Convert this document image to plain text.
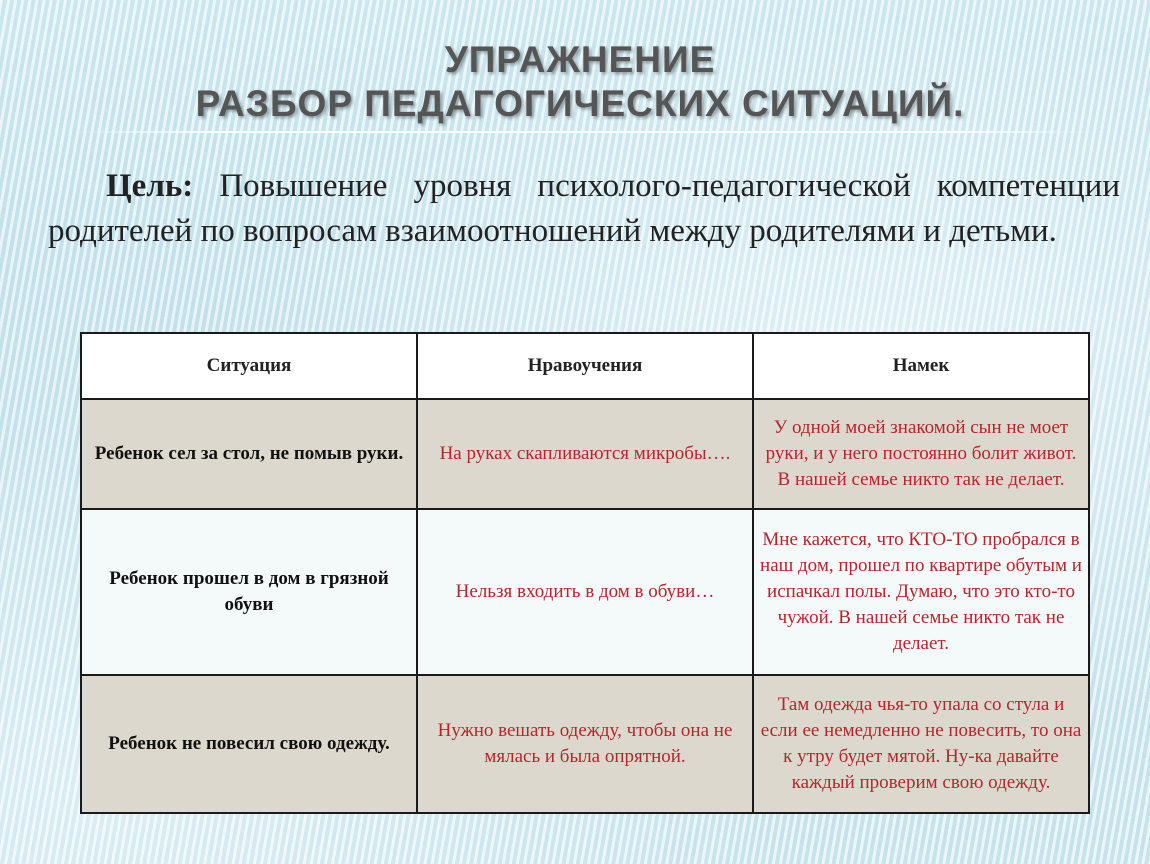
УПРАЖНЕНИЕ
РАЗБОР ПЕДАГОГИЧЕСКИХ СИТУАЦИЙ.
Цель: Повышение уровня психолого-педагогической компетенции родителей по вопросам взаимоотношений между родителями и детьми.
Ситуация	Нравоучения	Намек
Ребенок сел за стол, не помыв руки.	На руках скапливаются микробы….	У одной моей знакомой сын не моет руки, и у него постоянно болит живот. В нашей семье никто так не делает.
Ребенок прошел в дом в грязной обуви	Нельзя входить в дом в обуви…	Мне кажется, что КТО-ТО пробрался в наш дом, прошел по квартире обутым и испачкал полы. Думаю, что это кто-то чужой. В нашей семье никто так не делает.
Ребенок не повесил свою одежду.	Нужно вешать одежду, чтобы она не мялась и была опрятной.	Там одежда чья-то упала со стула и если ее немедленно не повесить, то она к утру будет мятой. Ну-ка давайте каждый проверим свою одежду.
